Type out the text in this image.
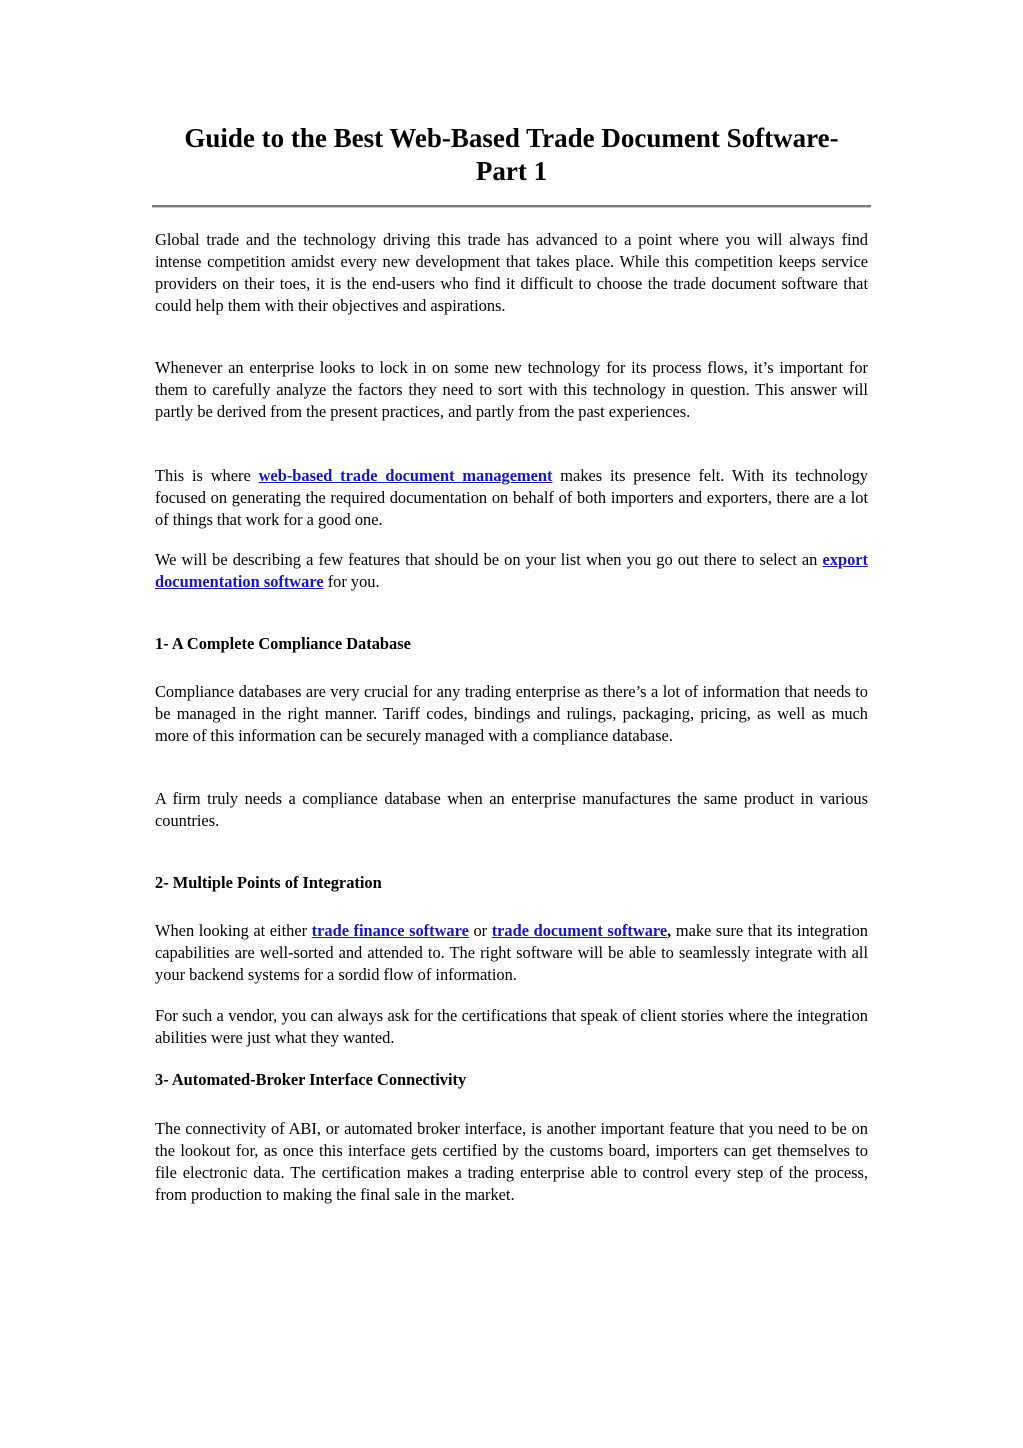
Guide to the Best Web-Based Trade Document Software-
Part 1

Global trade and the technology driving this trade has advanced to a point where you will always find intense competition amidst every new development that takes place. While this competition keeps service providers on their toes, it is the end-users who find it difficult to choose the trade document software that could help them with their objectives and aspirations.

Whenever an enterprise looks to lock in on some new technology for its process flows, it’s important for them to carefully analyze the factors they need to sort with this technology in question. This answer will partly be derived from the present practices, and partly from the past experiences.

This is where web-based trade document management makes its presence felt. With its technology focused on generating the required documentation on behalf of both importers and exporters, there are a lot of things that work for a good one.

We will be describing a few features that should be on your list when you go out there to select an export documentation software for you.

1- A Complete Compliance Database

Compliance databases are very crucial for any trading enterprise as there’s a lot of information that needs to be managed in the right manner. Tariff codes, bindings and rulings, packaging, pricing, as well as much more of this information can be securely managed with a compliance database.

A firm truly needs a compliance database when an enterprise manufactures the same product in various countries.

2- Multiple Points of Integration

When looking at either trade finance software or trade document software, make sure that its integration capabilities are well-sorted and attended to. The right software will be able to seamlessly integrate with all your backend systems for a sordid flow of information.

For such a vendor, you can always ask for the certifications that speak of client stories where the integration abilities were just what they wanted.

3- Automated-Broker Interface Connectivity

The connectivity of ABI, or automated broker interface, is another important feature that you need to be on the lookout for, as once this interface gets certified by the customs board, importers can get themselves to file electronic data. The certification makes a trading enterprise able to control every step of the process, from production to making the final sale in the market.
